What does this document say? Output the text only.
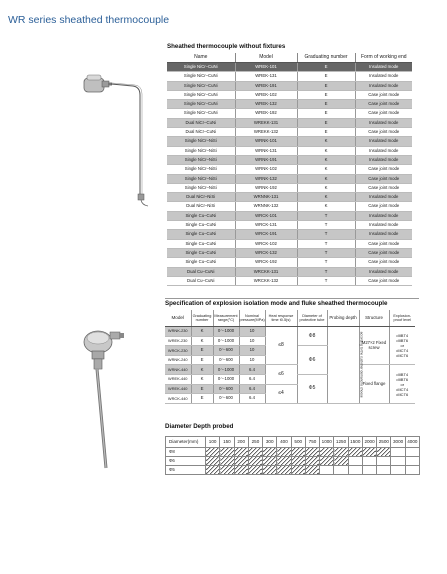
WR series sheathed thermocouple
Sheathed thermocouple without fixtures
Name	Model	Graduating number	Form of working end
Single NiCr–CuNi	WREK-101	E	Insulated mode
Single NiCr–CuNi	WREK-131	E	Insulated mode
Single NiCr–CuNi	WREK-191	E	Insulated mode
Single NiCr–CuNi	WREK-102	E	Case joint mode
Single NiCr–CuNi	WREK-132	E	Case joint mode
Single NiCr–CuNi	WREK-192	E	Case joint mode
Dual NiCr–CuNi	WREKK-131	E	Insulated mode
Dual NiCr–CuNi	WREKK-132	E	Case joint mode
Single NiCr–NiSi	WRNK-101	K	Insulated mode
Single NiCr–NiSi	WRNK-131	K	Insulated mode
Single NiCr–NiSi	WRNK-191	K	Insulated mode
Single NiCr–NiSi	WRNK-102	K	Case joint mode
Single NiCr–NiSi	WRNK-132	K	Case joint mode
Single NiCr–NiSi	WRNK-192	K	Case joint mode
Dual NiCr–NiSi	WRNNK-131	K	Insulated mode
Dual NiCr–NiSi	WRNNK-132	K	Case joint mode
Single Cu–CuNi	WRCK-101	T	Insulated mode
Single Cu–CuNi	WRCK-131	T	Insulated mode
Single Cu–CuNi	WRCK-191	T	Insulated mode
Single Cu–CuNi	WRCK-102	T	Case joint mode
Single Cu–CuNi	WRCK-132	T	Case joint mode
Single Cu–CuNi	WRCK-192	T	Case joint mode
Dual Cu–CuNi	WRCKK-131	T	Insulated mode
Dual Cu–CuNi	WRCKK-132	T	Case joint mode
Specification of explosion isolation mode and fluke sheathed thermocouple
Model	Graduating number	Measurement range(°C)	Nominal pressure(MPa)	Heat response time t0.5(s)	Diameter of protective tube	Probing depth	Structure	Explosion-proof level
WRNK-230	K	0～1000	10	≤8	Φ8	according to the customer demand to choose	M27×2 Fixed screw	dIIBT4
dIIBT6
or
dIICT4
dIICT6

WREK-230	K	0～1000	10					
WRCK-230	E	0～600	10		Φ6			
WRNK-240	E	0～600	10					
WRNK-440	K	0～1000	6.4	≤6			Fixed flange	dIIBT4
dIIBT6
or
dIICT4
dIICT6

WREK-440	K	0～1000	6.4		Φ5			
WREK-440	E	0～600	6.4	≤4				
WRCK-440	E	0～600	6.4					
Diameter Depth probed
Diameter(mm)	100	150	200	250	300	400	500	750	1000	1250	1500	2000	2500	3000	4000
Φ8															
Φ6															
Φ5															
